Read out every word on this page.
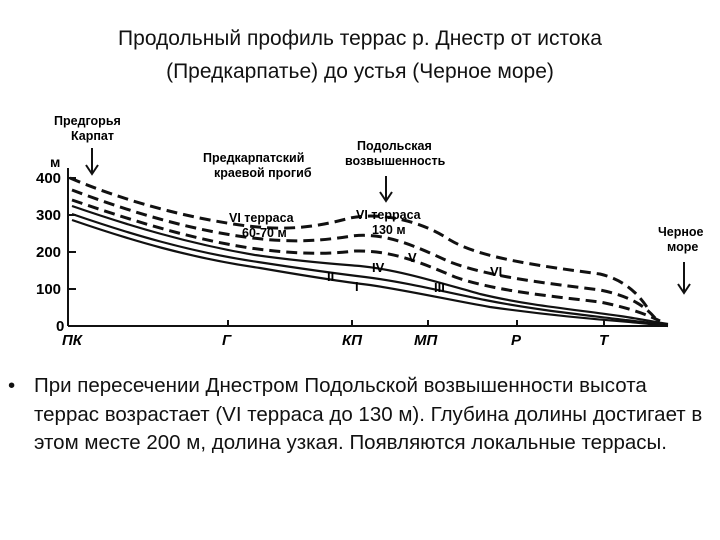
Продольный профиль террас р. Днестр от истока
(Предкарпатье) до устья (Черное море)
м
400
300
200
100
0
ПК	Г	КП	МП	Р	Т
Предгорья
Карпат
Предкарпатский
краевой прогиб
Подольская
возвышенность
Черное
море
VI терраса
60-70 м
VI терраса
130 м
II
IV
V
VI
I	III
• При пересечении Днестром Подольской возвышенности высота террас возрастает (VI терраса до 130 м). Глубина долины достигает в этом месте 200 м, долина узкая. Появляются локальные террасы.
